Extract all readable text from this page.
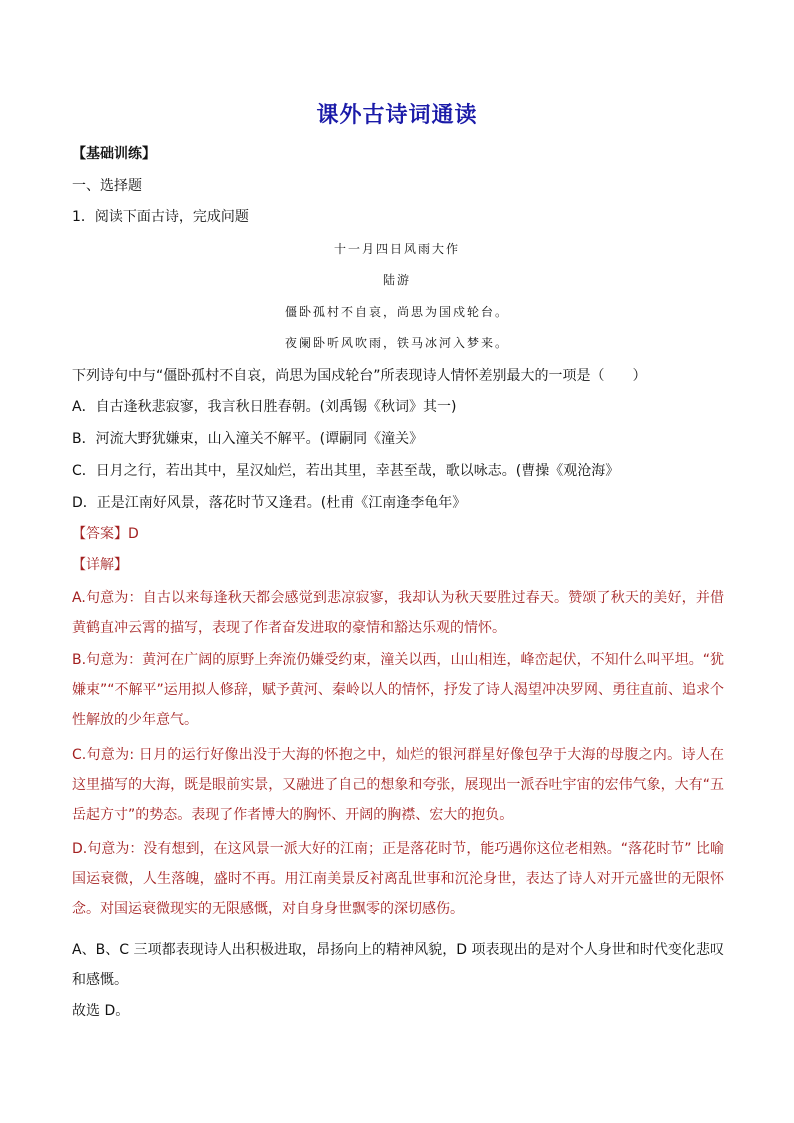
课外古诗词通读
【基础训练】
一、选择题
1．阅读下面古诗，完成问题
十一月四日风雨大作
陆游
僵卧孤村不自哀，尚思为国戍轮台。
夜阑卧听风吹雨，铁马冰河入梦来。
下列诗句中与“僵卧孤村不自哀，尚思为国戍轮台”所表现诗人情怀差别最大的一项是（　　）
A．自古逢秋悲寂寥，我言秋日胜春朝。(刘禹锡《秋词》其一)
B．河流大野犹嫌束，山入潼关不解平。(谭嗣同《潼关》
C．日月之行，若出其中，星汉灿烂，若出其里，幸甚至哉，歌以咏志。(曹操《观沧海》
D．正是江南好风景，落花时节又逢君。(杜甫《江南逢李龟年》
【答案】D
【详解】
A.句意为：自古以来每逢秋天都会感觉到悲凉寂寥，我却认为秋天要胜过春天。赞颂了秋天的美好，并借黄鹤直冲云霄的描写，表现了作者奋发进取的豪情和豁达乐观的情怀。
B.句意为：黄河在广阔的原野上奔流仍嫌受约束，潼关以西，山山相连，峰峦起伏，不知什么叫平坦。“犹嫌束”“不解平”运用拟人修辞，赋予黄河、秦岭以人的情怀，抒发了诗人渴望冲决罗网、勇往直前、追求个性解放的少年意气。
C.句意为: 日月的运行好像出没于大海的怀抱之中，灿烂的银河群星好像包孕于大海的母腹之内。诗人在这里描写的大海，既是眼前实景，又融进了自己的想象和夸张，展现出一派吞吐宇宙的宏伟气象，大有“五岳起方寸”的势态。表现了作者博大的胸怀、开阔的胸襟、宏大的抱负。
D.句意为：没有想到，在这风景一派大好的江南；正是落花时节，能巧遇你这位老相熟。“落花时节” 比喻国运衰微，人生落魄，盛时不再。用江南美景反衬离乱世事和沉沦身世，表达了诗人对开元盛世的无限怀念。对国运衰微现实的无限感慨，对自身身世飘零的深切感伤。
A、B、C 三项都表现诗人出积极进取，昂扬向上的精神风貌，D 项表现出的是对个人身世和时代变化悲叹和感慨。
故选 D。
